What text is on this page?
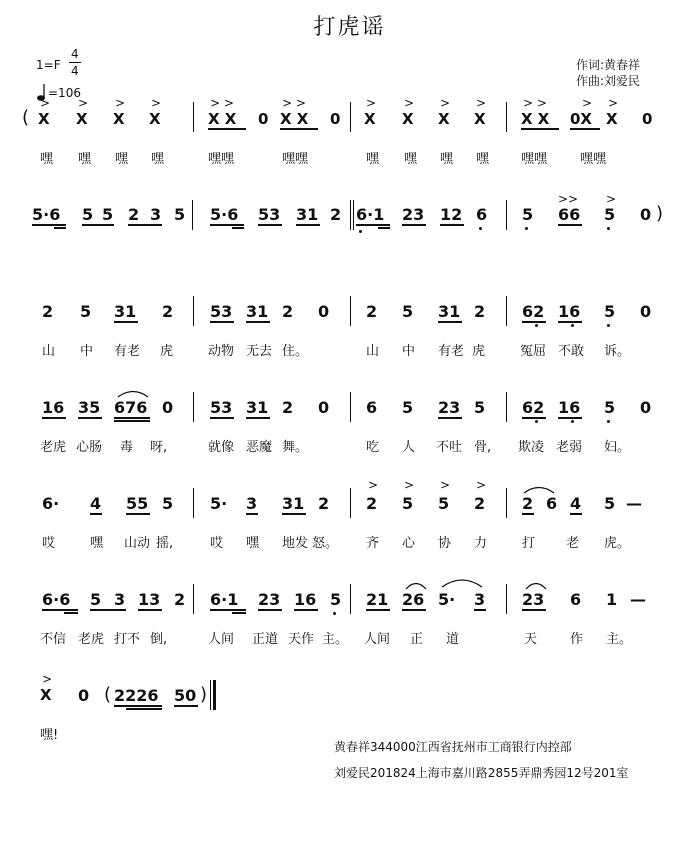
打虎谣
1=F
4
4
=106
作词:黄春祥
作曲:刘爱民
(
> > > >
X X X X
> >	> >
X X 0 X X 0
> > > >
X X X X
> >	> >
X X 0X X 0
嘿 嘿 嘿 嘿	嘿嘿	嘿嘿	嘿 嘿 嘿 嘿 嘿嘿	嘿嘿
5·6 5 5 2 3 5 5·6 53 31 2 6·1 23 12 6 5
>>
66
>
5 0 )
2 5 31 2 53 31 2 0 2 5 31 2 62 16 5 0
山 中 有老 虎	动物 无去 住。	山 中 有老 虎	冤屈 不敢 诉。
16 35 676 0 53 31 2 0 6 5 23 5 62 16 5 0
老虎 心肠 毒 呀,	就像 恶魔 舞。	吃 人 不吐 骨, 欺凌 老弱 妇。
6· 4 55 5 5· 3 31 2
> > > >
2 5 5 2 2 6 4 5 —
哎	嘿 山动 摇,	哎 嘿 地发 怒。 齐 心 协 力	打 老 虎。
6·6 5 3 13 2 6·1 23 16 5 21 26 5· 3 23 6 1 —
不信 老虎 打不 倒,	人间 正道 天作 主。 人间 正 道	天	作 主。
>
X 0 ( 2226 50 )
嘿!
黄春祥344000江西省抚州市工商银行内控部
刘爱民201824上海市嘉川路2855弄鼎秀园12号201室
